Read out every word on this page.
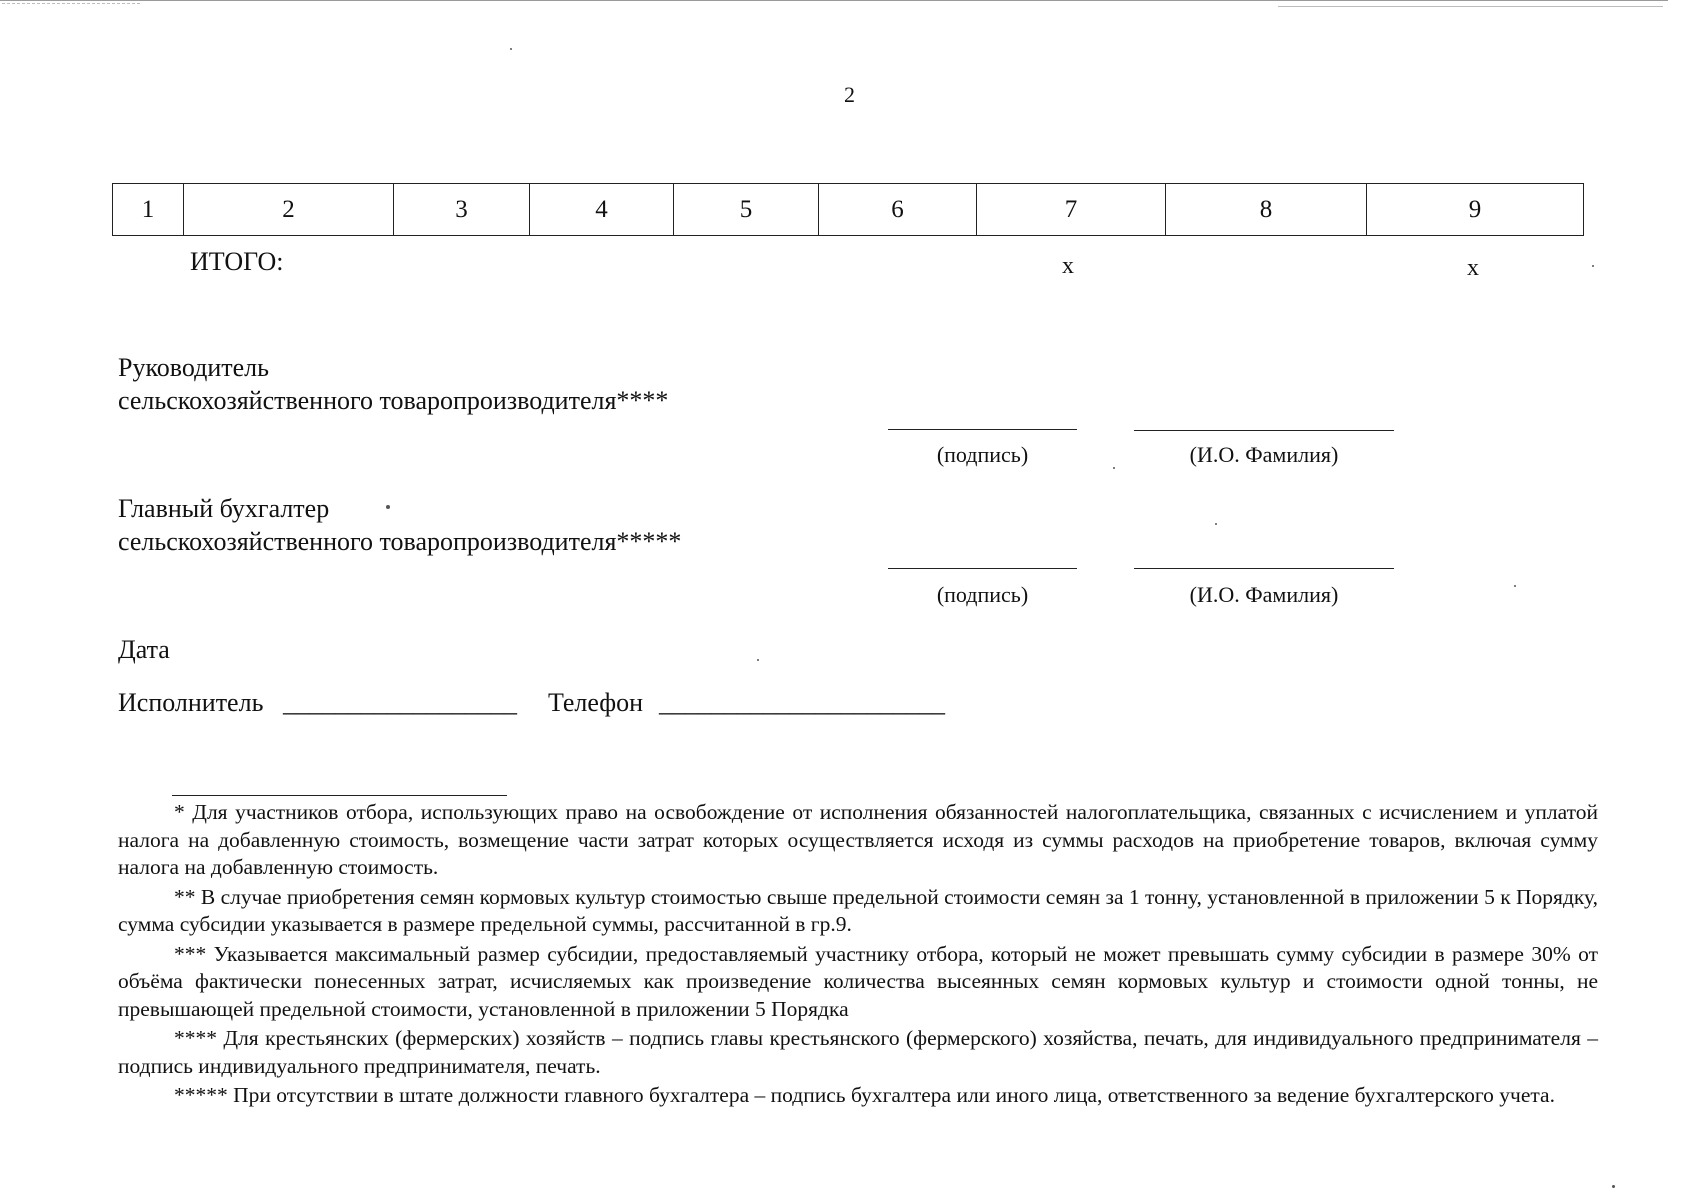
2
1	2	3	4	5	6	7	8	9
ИТОГО:	х	х
Руководитель
сельскохозяйственного товаропроизводителя****
(подпись)	(И.О. Фамилия)
Главный бухгалтер
сельскохозяйственного товаропроизводителя*****
(подпись)	(И.О. Фамилия)
Дата
Исполнитель __________________ Телефон ______________________

* Для участников отбора, использующих право на освобождение от исполнения обязанностей налогоплательщика, связанных с исчислением и уплатой налога на добавленную стоимость, возмещение части затрат которых осуществляется исходя из суммы расходов на приобретение товаров, включая сумму налога на добавленную стоимость.

** В случае приобретения семян кормовых культур стоимостью свыше предельной стоимости семян за 1 тонну, установленной в приложении 5 к Порядку, сумма субсидии указывается в размере предельной суммы, рассчитанной в гр.9.

*** Указывается максимальный размер субсидии, предоставляемый участнику отбора, который не может превышать сумму субсидии в размере 30% от объёма фактически понесенных затрат, исчисляемых как произведение количества высеянных семян кормовых культур и стоимости одной тонны, не превышающей предельной стоимости, установленной в приложении 5 Порядка

**** Для крестьянских (фермерских) хозяйств – подпись главы крестьянского (фермерского) хозяйства, печать, для индивидуального предпринимателя – подпись индивидуального предпринимателя, печать.

***** При отсутствии в штате должности главного бухгалтера – подпись бухгалтера или иного лица, ответственного за ведение бухгалтерского учета.
